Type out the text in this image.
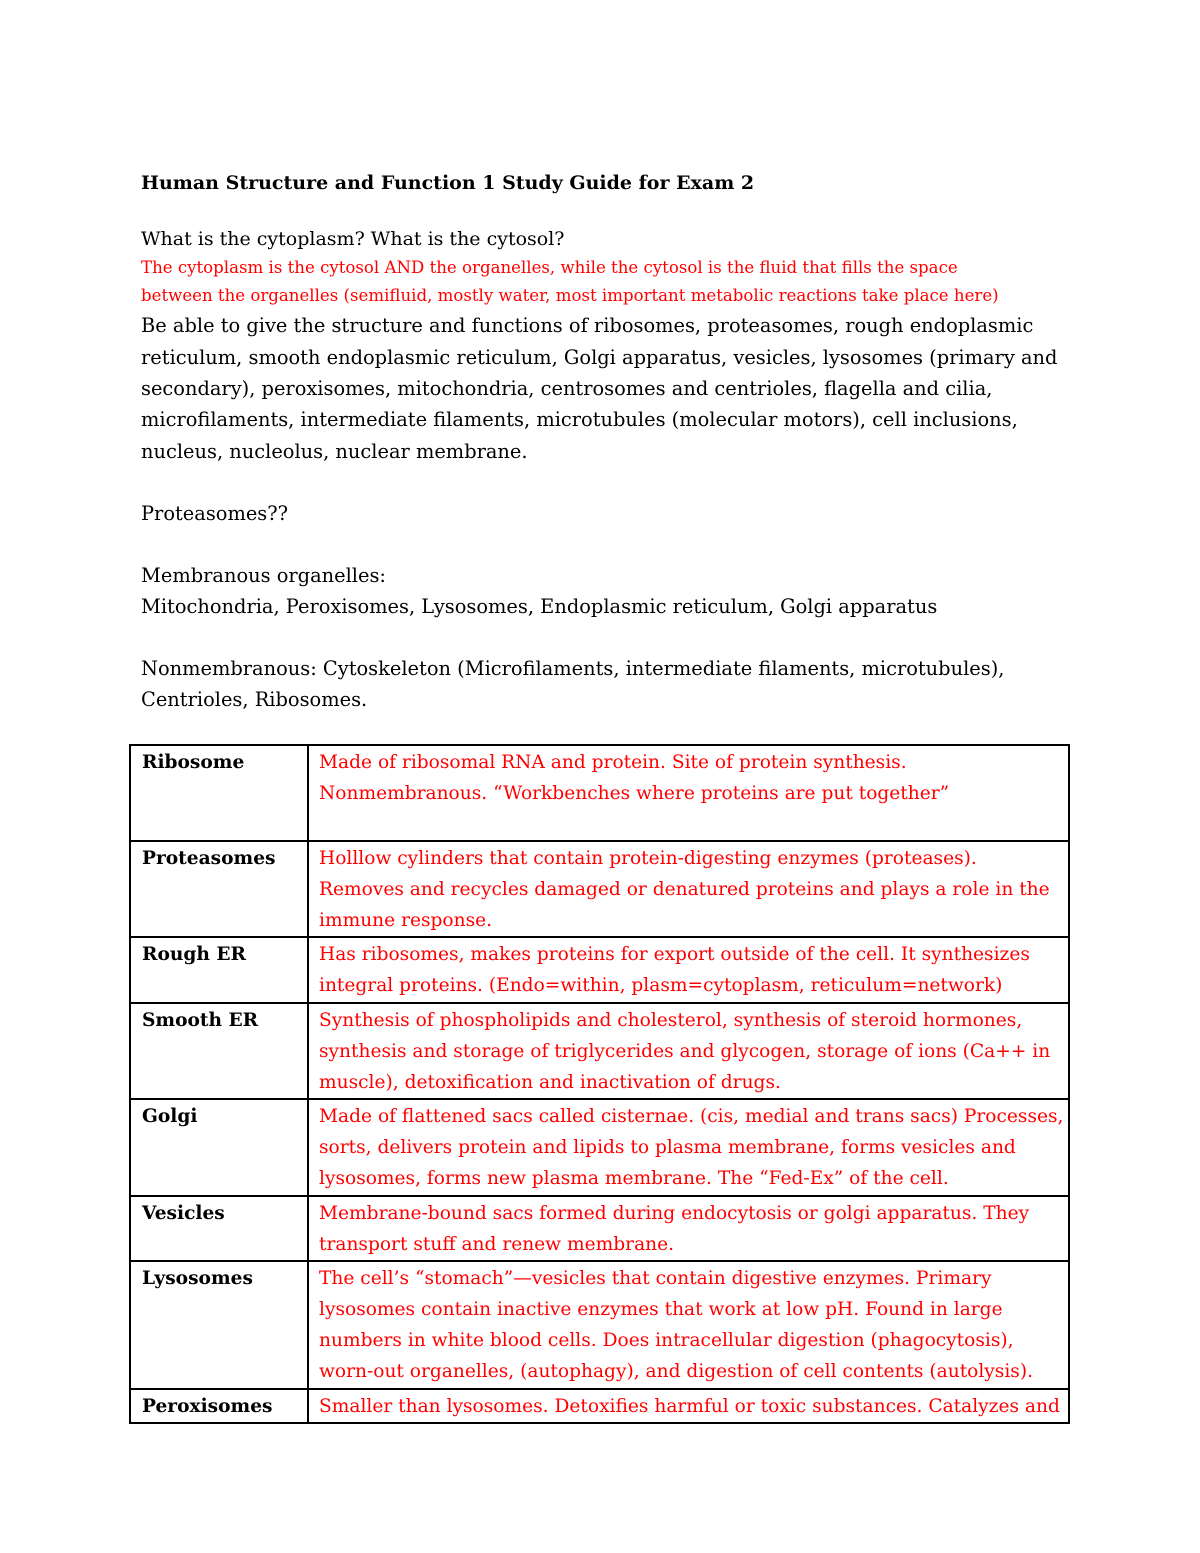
Human Structure and Function 1 Study Guide for Exam 2
What is the cytoplasm? What is the cytosol?
The cytoplasm is the cytosol AND the organelles, while the cytosol is the fluid that fills the space
between the organelles (semifluid, mostly water, most important metabolic reactions take place here)
Be able to give the structure and functions of ribosomes, proteasomes, rough endoplasmic
reticulum, smooth endoplasmic reticulum, Golgi apparatus, vesicles, lysosomes (primary and
secondary), peroxisomes, mitochondria, centrosomes and centrioles, flagella and cilia,
microfilaments, intermediate filaments, microtubules (molecular motors), cell inclusions,
nucleus, nucleolus, nuclear membrane.
Proteasomes??
Membranous organelles:
Mitochondria, Peroxisomes, Lysosomes, Endoplasmic reticulum, Golgi apparatus
Nonmembranous: Cytoskeleton (Microfilaments, intermediate filaments, microtubules),
Centrioles, Ribosomes.
Ribosome	Made of ribosomal RNA and protein. Site of protein synthesis. Nonmembranous. “Workbenches where proteins are put together”

Proteasomes	Holllow cylinders that contain protein-digesting enzymes (proteases). Removes and recycles damaged or denatured proteins and plays a role in the immune response.

Rough ER	Has ribosomes, makes proteins for export outside of the cell. It synthesizes integral proteins. (Endo=within, plasm=cytoplasm, reticulum=network)

Smooth ER	Synthesis of phospholipids and cholesterol, synthesis of steroid hormones, synthesis and storage of triglycerides and glycogen, storage of ions (Ca++ in muscle), detoxification and inactivation of drugs.

Golgi	Made of flattened sacs called cisternae. (cis, medial and trans sacs) Processes, sorts, delivers protein and lipids to plasma membrane, forms vesicles and lysosomes, forms new plasma membrane. The “Fed-Ex” of the cell.

Vesicles	Membrane-bound sacs formed during endocytosis or golgi apparatus. They transport stuff and renew membrane.

Lysosomes	The cell’s “stomach”—vesicles that contain digestive enzymes. Primary lysosomes contain inactive enzymes that work at low pH. Found in large numbers in white blood cells. Does intracellular digestion (phagocytosis), worn-out organelles, (autophagy), and digestion of cell contents (autolysis).

Peroxisomes	Smaller than lysosomes. Detoxifies harmful or toxic substances. Catalyzes and
